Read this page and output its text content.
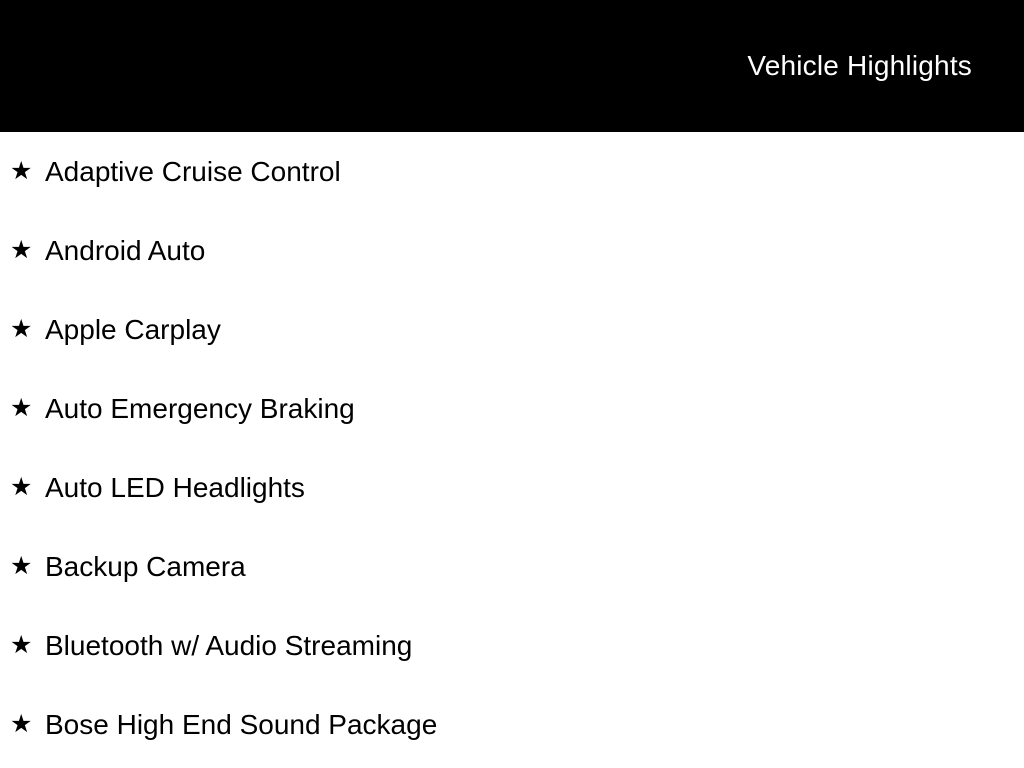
Vehicle Highlights
★ Adaptive Cruise Control
★ Android Auto
★ Apple Carplay
★ Auto Emergency Braking
★ Auto LED Headlights
★ Backup Camera
★ Bluetooth w/ Audio Streaming
★ Bose High End Sound Package
